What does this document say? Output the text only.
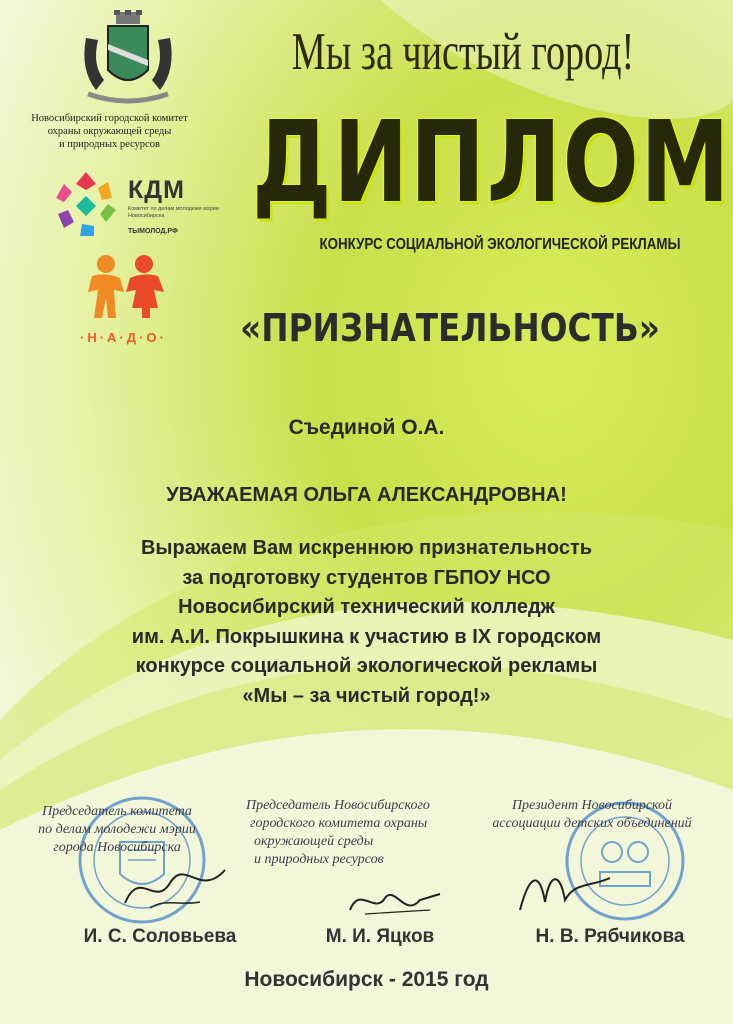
Новосибирский городской комитет
охраны окружающей среды
и природных ресурсов
КДМ
Комитет по делам молодежи мэрии Новосибирска
ТЫМОЛОД.РФ
·Н·А·Д·О·
Мы за чистый город!
ДИПЛОМ
КОНКУРС СОЦИАЛЬНОЙ ЭКОЛОГИЧЕСКОЙ РЕКЛАМЫ
«ПРИЗНАТЕЛЬНОСТЬ»
Съединой О.А.
УВАЖАЕМАЯ ОЛЬГА АЛЕКСАНДРОВНА!
Выражаем Вам искреннюю признательность
за подготовку студентов ГБПОУ НСО
Новосибирский технический колледж
им. А.И. Покрышкина к участию в IX городском
конкурсе социальной экологической рекламы
«Мы – за чистый город!»
Председатель комитета
по делам молодежи мэрии
города Новосибирска
Председатель Новосибирского
городского комитета охраны
окружающей среды
и природных ресурсов
Президент Новосибирской
ассоциации детских объединений
И. С. Соловьева	М. И. Яцков	Н. В. Рябчикова
Новосибирск - 2015 год
